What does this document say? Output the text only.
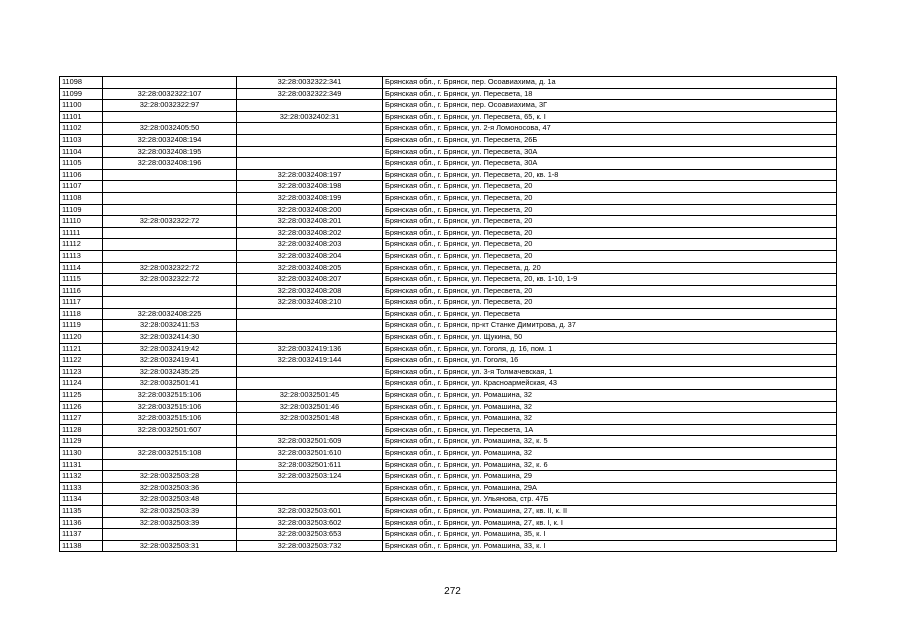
11098		32:28:0032322:341	Брянская обл., г. Брянск, пер. Осоавиахима, д. 1а
11099	32:28:0032322:107	32:28:0032322:349	Брянская обл., г. Брянск, ул. Пересвета, 18
11100	32:28:0032322:97		Брянская обл., г. Брянск, пер. Осоавиахима, 3Г
11101		32:28:0032402:31	Брянская обл., г. Брянск, ул. Пересвета, 65, к. I
11102	32:28:0032405:50		Брянская обл., г. Брянск, ул. 2-я Ломоносова, 47
11103	32:28:0032408:194		Брянская обл., г. Брянск, ул. Пересвета, 26Б
11104	32:28:0032408:195		Брянская обл., г. Брянск, ул. Пересвета, 30А
11105	32:28:0032408:196		Брянская обл., г. Брянск, ул. Пересвета, 30А
11106		32:28:0032408:197	Брянская обл., г. Брянск, ул. Пересвета, 20, кв. 1-8
11107		32:28:0032408:198	Брянская обл., г. Брянск, ул. Пересвета, 20
11108		32:28:0032408:199	Брянская обл., г. Брянск, ул. Пересвета, 20
11109		32:28:0032408:200	Брянская обл., г. Брянск, ул. Пересвета, 20
11110	32:28:0032322:72	32:28:0032408:201	Брянская обл., г. Брянск, ул. Пересвета, 20
11111		32:28:0032408:202	Брянская обл., г. Брянск, ул. Пересвета, 20
11112		32:28:0032408:203	Брянская обл., г. Брянск, ул. Пересвета, 20
11113		32:28:0032408:204	Брянская обл., г. Брянск, ул. Пересвета, 20
11114	32:28:0032322:72	32:28:0032408:205	Брянская обл., г. Брянск, ул. Пересвета, д. 20
11115	32:28:0032322:72	32:28:0032408:207	Брянская обл., г. Брянск, ул. Пересвета, 20, кв. 1-10, 1-9
11116		32:28:0032408:208	Брянская обл., г. Брянск, ул. Пересвета, 20
11117		32:28:0032408:210	Брянская обл., г. Брянск, ул. Пересвета, 20
11118	32:28:0032408:225		Брянская обл., г. Брянск, ул. Пересвета
11119	32:28:0032411:53		Брянская обл., г. Брянск, пр-кт Станке Димитрова, д. 37
11120	32:28:0032414:30		Брянская обл., г. Брянск, ул. Щукина, 50
11121	32:28:0032419:42	32:28:0032419:136	Брянская обл., г. Брянск, ул. Гоголя, д. 16, пом. 1
11122	32:28:0032419:41	32:28:0032419:144	Брянская обл., г. Брянск, ул. Гоголя, 16
11123	32:28:0032435:25		Брянская обл., г. Брянск, ул. 3-я Толмачевская, 1
11124	32:28:0032501:41		Брянская обл., г. Брянск, ул. Красноармейская, 43
11125	32:28:0032515:106	32:28:0032501:45	Брянская обл., г. Брянск, ул. Ромашина, 32
11126	32:28:0032515:106	32:28:0032501:46	Брянская обл., г. Брянск, ул. Ромашина, 32
11127	32:28:0032515:106	32:28:0032501:48	Брянская обл., г. Брянск, ул. Ромашина, 32
11128	32:28:0032501:607		Брянская обл., г. Брянск, ул. Пересвета, 1А
11129		32:28:0032501:609	Брянская обл., г. Брянск, ул. Ромашина, 32, к. 5
11130	32:28:0032515:108	32:28:0032501:610	Брянская обл., г. Брянск, ул. Ромашина, 32
11131		32:28:0032501:611	Брянская обл., г. Брянск, ул. Ромашина, 32, к. 6
11132	32:28:0032503:28	32:28:0032503:124	Брянская обл., г. Брянск, ул. Ромашина, 29
11133	32:28:0032503:36		Брянская обл., г. Брянск, ул. Ромашина, 29А
11134	32:28:0032503:48		Брянская обл., г. Брянск, ул. Ульянова, стр. 47Б
11135	32:28:0032503:39	32:28:0032503:601	Брянская обл., г. Брянск, ул. Ромашина, 27, кв. II, к. II
11136	32:28:0032503:39	32:28:0032503:602	Брянская обл., г. Брянск, ул. Ромашина, 27, кв. I, к. I
11137		32:28:0032503:653	Брянская обл., г. Брянск, ул. Ромашина, 35, к. I
11138	32:28:0032503:31	32:28:0032503:732	Брянская обл., г. Брянск, ул. Ромашина, 33, к. I
272
